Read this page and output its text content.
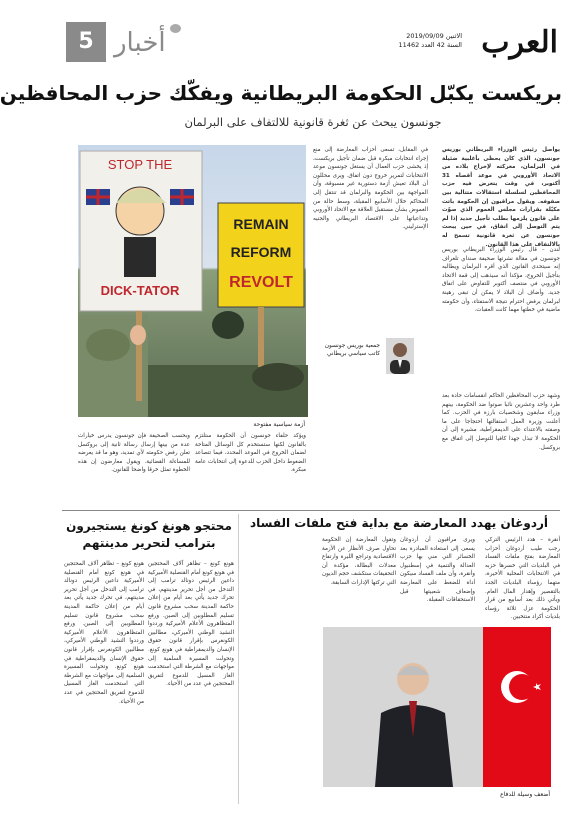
العرب
الاثنين 2019/09/09
السنة 42 العدد 11462
أخبار
5
بريكست يكبّل الحكومة البريطانية ويفكّك حزب المحافظين
جونسون يبحث عن ثغرة قانونية للالتفاف على البرلمان

يواصل رئيس الوزراء البريطاني بوريس جونسون، الذي كان يحظى بأغلبية ضئيلة في البرلمان، معركته لإخراج بلاده من الاتحاد الأوروبي في موعد أقصاه 31 أكتوبر، في وقت يتعرض فيه حزب المحافظين لسلسلة استقالات متتالية بين صفوفه. ويقول مراقبون إن الحكومة باتت مكبّلة بقرارات مجلس العموم الذي صوّت على قانون يلزمها بطلب تأجيل جديد إذا لم يتم التوصل إلى اتفاق، في حين يبحث جونسون عن ثغرة قانونية تسمح له بالالتفاف على هذا القانون.

لندن – قال رئيس الوزراء البريطاني بوريس جونسون في مقالة نشرتها صحيفة صنداي تلغراف إنه سيتحدى القانون الذي أقره البرلمان ويطالبه بتأجيل الخروج، مؤكدا أنه سيذهب إلى قمة الاتحاد الأوروبي في منتصف أكتوبر للتفاوض على اتفاق جديد. وأضاف أن البلاد لا يمكن أن تبقى رهينة لبرلمان يرفض احترام نتيجة الاستفتاء، وأن حكومته ماضية في خطتها مهما كانت العقبات.

جمعية بوريس جونسون
كاتب سياسي بريطاني

وشهد حزب المحافظين الحاكم انقسامات حادة بعد طرد واحد وعشرين نائبا صوتوا ضد الحكومة، بينهم وزراء سابقون وشخصيات بارزة في الحزب. كما أعلنت وزيرة العمل استقالتها احتجاجا على ما وصفته بالاعتداء على الديمقراطية، مشيرة إلى أن الحكومة لا تبذل جهدا كافيا للتوصل إلى اتفاق مع بروكسل.

في المقابل، تسعى أحزاب المعارضة إلى منع إجراء انتخابات مبكرة قبل ضمان تأجيل بريكست، إذ يخشى حزب العمال أن يستغل جونسون موعد الانتخابات لتمرير خروج دون اتفاق. ويرى محللون أن البلاد تعيش أزمة دستورية غير مسبوقة، وأن المواجهة بين الحكومة والبرلمان قد تنتقل إلى المحاكم خلال الأسابيع المقبلة، وسط حالة من الغموض بشأن مستقبل العلاقة مع الاتحاد الأوروبي وتداعياتها على الاقتصاد البريطاني والجنيه الإسترليني.

STOP THE
DICK-TATOR
REMAIN
REFORM
REVOLT
أزمة سياسية مفتوحة

وبحسب الصحيفة فإن جونسون يدرس خيارات عدة من بينها إرسال رسالة ثانية إلى بروكسل تعلن رفض حكومته لأي تمديد، وهو ما قد يعرضه للمساءلة القضائية. ويقول معارضون إن هذه الخطوة تمثل خرقا واضحا للقانون.

ويؤكد حلفاء جونسون أن الحكومة ستلتزم بالقانون لكنها ستستخدم كل الوسائل المتاحة لضمان الخروج في الموعد المحدد، فيما تتصاعد الضغوط داخل الحزب للدعوة إلى انتخابات عامة مبكرة.

أردوغان يهدد المعارضة مع بداية فتح ملفات الفساد

أنقرة – هدد الرئيس التركي رجب طيب أردوغان أحزاب المعارضة بفتح ملفات الفساد في البلديات التي خسرها حزبه في الانتخابات المحلية الأخيرة، متهما رؤساء البلديات الجدد بالتقصير وإهدار المال العام. ويأتي ذلك بعد أسابيع من قرار الحكومة عزل ثلاثة رؤساء بلديات أكراد منتخبين.

ويرى مراقبون أن أردوغان يسعى إلى استعادة المبادرة بعد الخسائر التي مني بها حزب العدالة والتنمية في إسطنبول وأنقرة، وأن ملف الفساد سيكون أداة للضغط على المعارضة وإضعاف شعبيتها قبل الاستحقاقات المقبلة.

وتقول المعارضة إن الحكومة تحاول صرف الأنظار عن الأزمة الاقتصادية وتراجع الليرة وارتفاع معدلات البطالة، مؤكدة أن التحقيقات ستكشف حجم الديون التي تركتها الإدارات السابقة.

أضعف وسيلة للدفاع
محتجو هونغ كونغ يستجيرون
بترامب لتحرير مدينتهم

هونغ كونغ – تظاهر آلاف المحتجين في هونغ كونغ أمام القنصلية الأميركية داعين الرئيس دونالد ترامب إلى التدخل من أجل تحرير مدينتهم، في تحرك جديد يأتي بعد أيام من إعلان حاكمة المدينة سحب مشروع قانون تسليم المطلوبين إلى الصين. ورفع المتظاهرون الأعلام الأميركية ورددوا النشيد الوطني الأميركي، مطالبين الكونغرس بإقرار قانون حقوق الإنسان والديمقراطية في هونغ كونغ. وتحولت المسيرة السلمية إلى مواجهات مع الشرطة التي استخدمت الغاز المسيل للدموع لتفريق المحتجين في عدد من الأحياء.

هونغ كونغ – تظاهر آلاف المحتجين في هونغ كونغ أمام القنصلية الأميركية داعين الرئيس دونالد ترامب إلى التدخل من أجل تحرير مدينتهم، في تحرك جديد يأتي بعد أيام من إعلان حاكمة المدينة سحب مشروع قانون تسليم المطلوبين إلى الصين. ورفع المتظاهرون الأعلام الأميركية ورددوا النشيد الوطني الأميركي، مطالبين الكونغرس بإقرار قانون حقوق الإنسان والديمقراطية في هونغ كونغ. وتحولت المسيرة السلمية إلى مواجهات مع الشرطة التي استخدمت الغاز المسيل للدموع لتفريق المحتجين في عدد من الأحياء.
